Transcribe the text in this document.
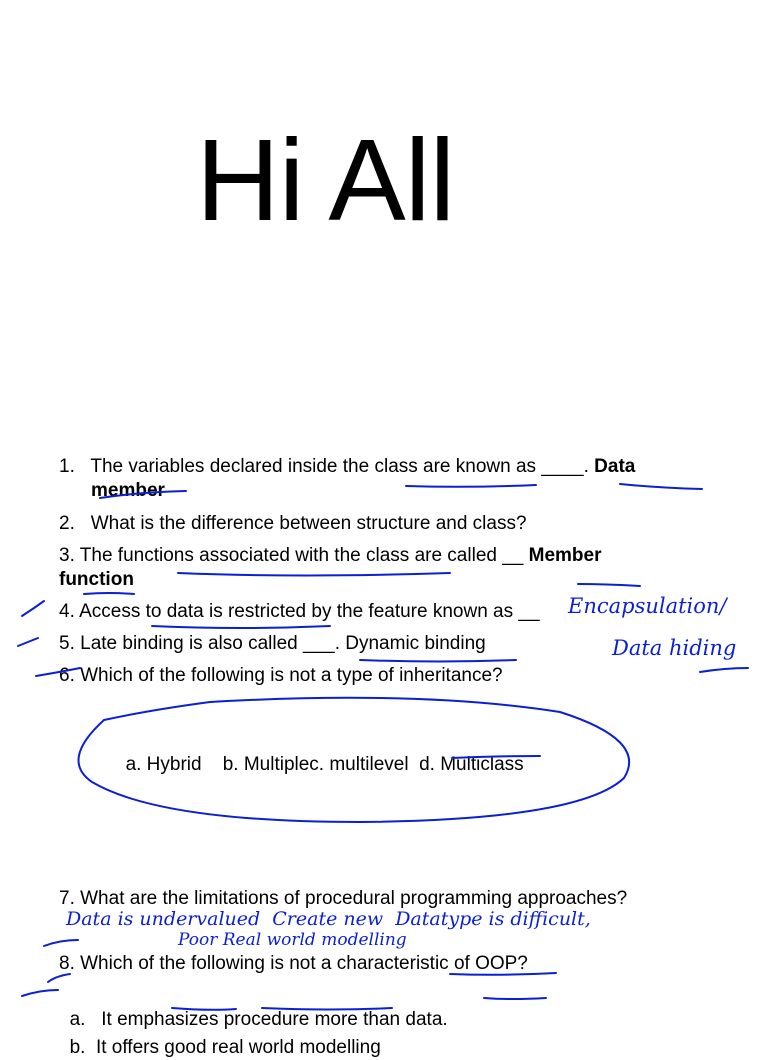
Hi All
1. The variables declared inside the class are known as ____. Data
member
2. What is the difference between structure and class?
3. The functions associated with the class are called __ Member
function
4. Access to data is restricted by the feature known as __
5. Late binding is also called ___. Dynamic binding
6. Which of the following is not a type of inheritance?

a. Hybrid    b. Multiplec. multilevel  d. Multiclass

7. What are the limitations of procedural programming approaches?
8. Which of the following is not a characteristic of OOP?

a.   It emphasizes procedure more than data.

b.  It offers good real world modelling

Encapsulation/
Data hiding
Data is undervalued  Create new  Datatype is difficult,
Poor Real world modelling
